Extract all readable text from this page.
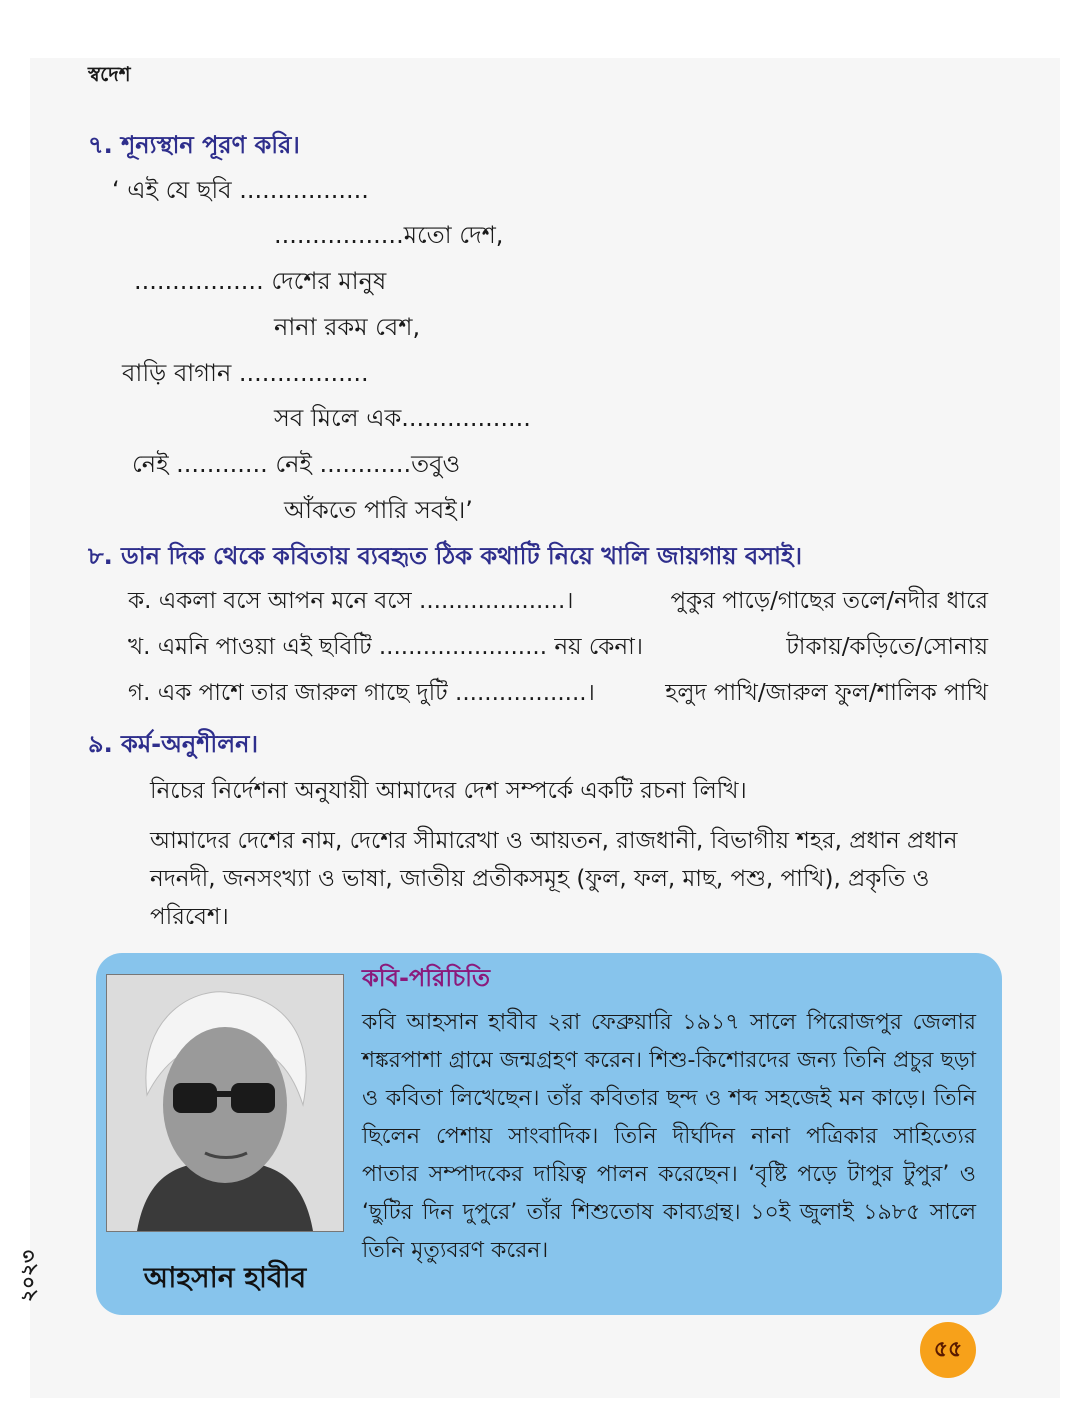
স্বদেশ
৭. শূন্যস্থান পূরণ করি।
‘ এই যে ছবি .................
.................মতো দেশ,
................. দেশের মানুষ
নানা রকম বেশ,
বাড়ি বাগান .................
সব মিলে এক.................
নেই ............ নেই ............তবুও
আঁকতে পারি সবই।’
৮. ডান দিক থেকে কবিতায় ব্যবহৃত ঠিক কথাটি নিয়ে খালি জায়গায় বসাই।
ক. একলা বসে আপন মনে বসে ....................।	পুকুর পাড়ে/গাছের তলে/নদীর ধারে
খ. এমনি পাওয়া এই ছবিটি ....................... নয় কেনা।	টাকায়/কড়িতে/সোনায়
গ. এক পাশে তার জারুল গাছে দুটি ..................।	হলুদ পাখি/জারুল ফুল/শালিক পাখি
৯. কর্ম-অনুশীলন।
নিচের নির্দেশনা অনুযায়ী আমাদের দেশ সম্পর্কে একটি রচনা লিখি।
আমাদের দেশের নাম, দেশের সীমারেখা ও আয়তন, রাজধানী, বিভাগীয় শহর, প্রধান প্রধান নদনদী, জনসংখ্যা ও ভাষা, জাতীয় প্রতীকসমূহ (ফুল, ফল, মাছ, পশু, পাখি), প্রকৃতি ও পরিবেশ।
আহসান হাবীব
কবি-পরিচিতি
কবি আহসান হাবীব ২রা ফেব্রুয়ারি ১৯১৭ সালে পিরোজপুর জেলার শঙ্করপাশা গ্রামে জন্মগ্রহণ করেন। শিশু-কিশোরদের জন্য তিনি প্রচুর ছড়া ও কবিতা লিখেছেন। তাঁর কবিতার ছন্দ ও শব্দ সহজেই মন কাড়ে। তিনি ছিলেন পেশায় সাংবাদিক। তিনি দীর্ঘদিন নানা পত্রিকার সাহিত্যের পাতার সম্পাদকের দায়িত্ব পালন করেছেন। ‘বৃষ্টি পড়ে টাপুর টুপুর’ ও ‘ছুটির দিন দুপুরে’ তাঁর শিশুতোষ কাব্যগ্রন্থ। ১০ই জুলাই ১৯৮৫ সালে তিনি মৃত্যুবরণ করেন।
২০২৩
৫৫
